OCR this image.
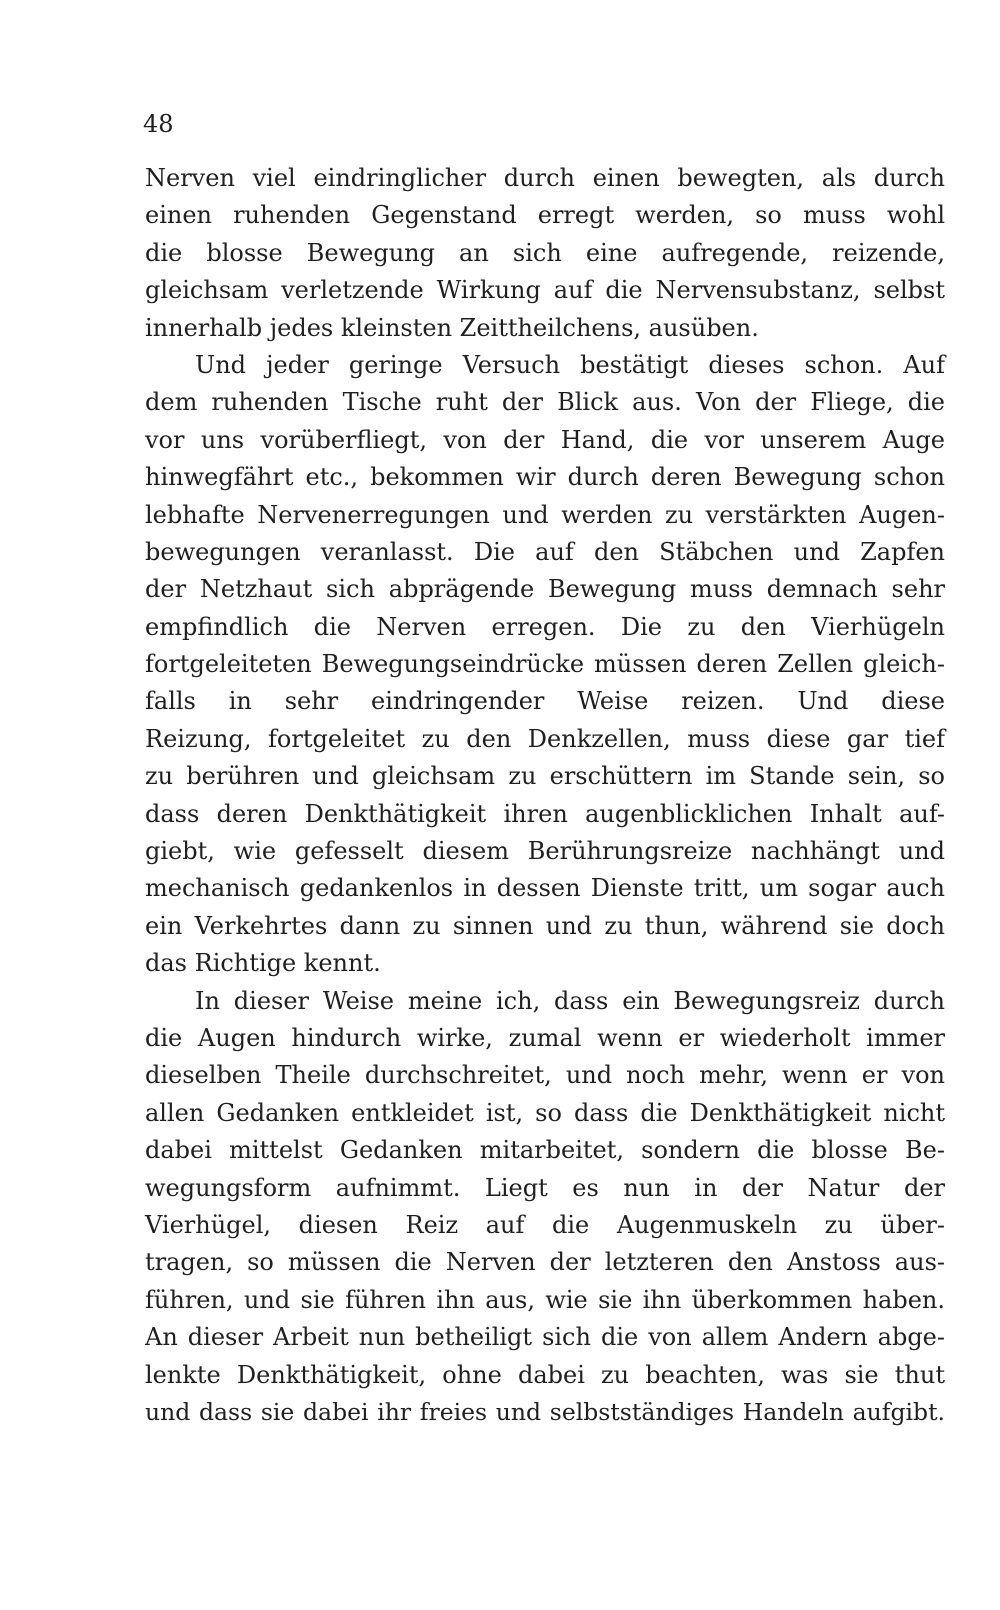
48
Nerven viel eindringlicher durch einen bewegten, als durch
einen ruhenden Gegenstand erregt werden, so muss wohl
die blosse Bewegung an sich eine aufregende, reizende,
gleichsam verletzende Wirkung auf die Nervensubstanz, selbst
innerhalb jedes kleinsten Zeittheilchens, ausüben.
Und jeder geringe Versuch bestätigt dieses schon. Auf
dem ruhenden Tische ruht der Blick aus. Von der Fliege, die
vor uns vorüberfliegt, von der Hand, die vor unserem Auge
hinwegfährt etc., bekommen wir durch deren Bewegung schon
lebhafte Nervenerregungen und werden zu verstärkten Augen-
bewegungen veranlasst. Die auf den Stäbchen und Zapfen
der Netzhaut sich abprägende Bewegung muss demnach sehr
empfindlich die Nerven erregen. Die zu den Vierhügeln
fortgeleiteten Bewegungseindrücke müssen deren Zellen gleich-
falls in sehr eindringender Weise reizen. Und diese
Reizung, fortgeleitet zu den Denkzellen, muss diese gar tief
zu berühren und gleichsam zu erschüttern im Stande sein, so
dass deren Denkthätigkeit ihren augenblicklichen Inhalt auf-
giebt, wie gefesselt diesem Berührungsreize nachhängt und
mechanisch gedankenlos in dessen Dienste tritt, um sogar auch
ein Verkehrtes dann zu sinnen und zu thun, während sie doch
das Richtige kennt.
In dieser Weise meine ich, dass ein Bewegungsreiz durch
die Augen hindurch wirke, zumal wenn er wiederholt immer
dieselben Theile durchschreitet, und noch mehr, wenn er von
allen Gedanken entkleidet ist, so dass die Denkthätigkeit nicht
dabei mittelst Gedanken mitarbeitet, sondern die blosse Be-
wegungsform aufnimmt. Liegt es nun in der Natur der
Vierhügel, diesen Reiz auf die Augenmuskeln zu über-
tragen, so müssen die Nerven der letzteren den Anstoss aus-
führen, und sie führen ihn aus, wie sie ihn überkommen haben.
An dieser Arbeit nun betheiligt sich die von allem Andern abge-
lenkte Denkthätigkeit, ohne dabei zu beachten, was sie thut
und dass sie dabei ihr freies und selbstständiges Handeln aufgibt.
